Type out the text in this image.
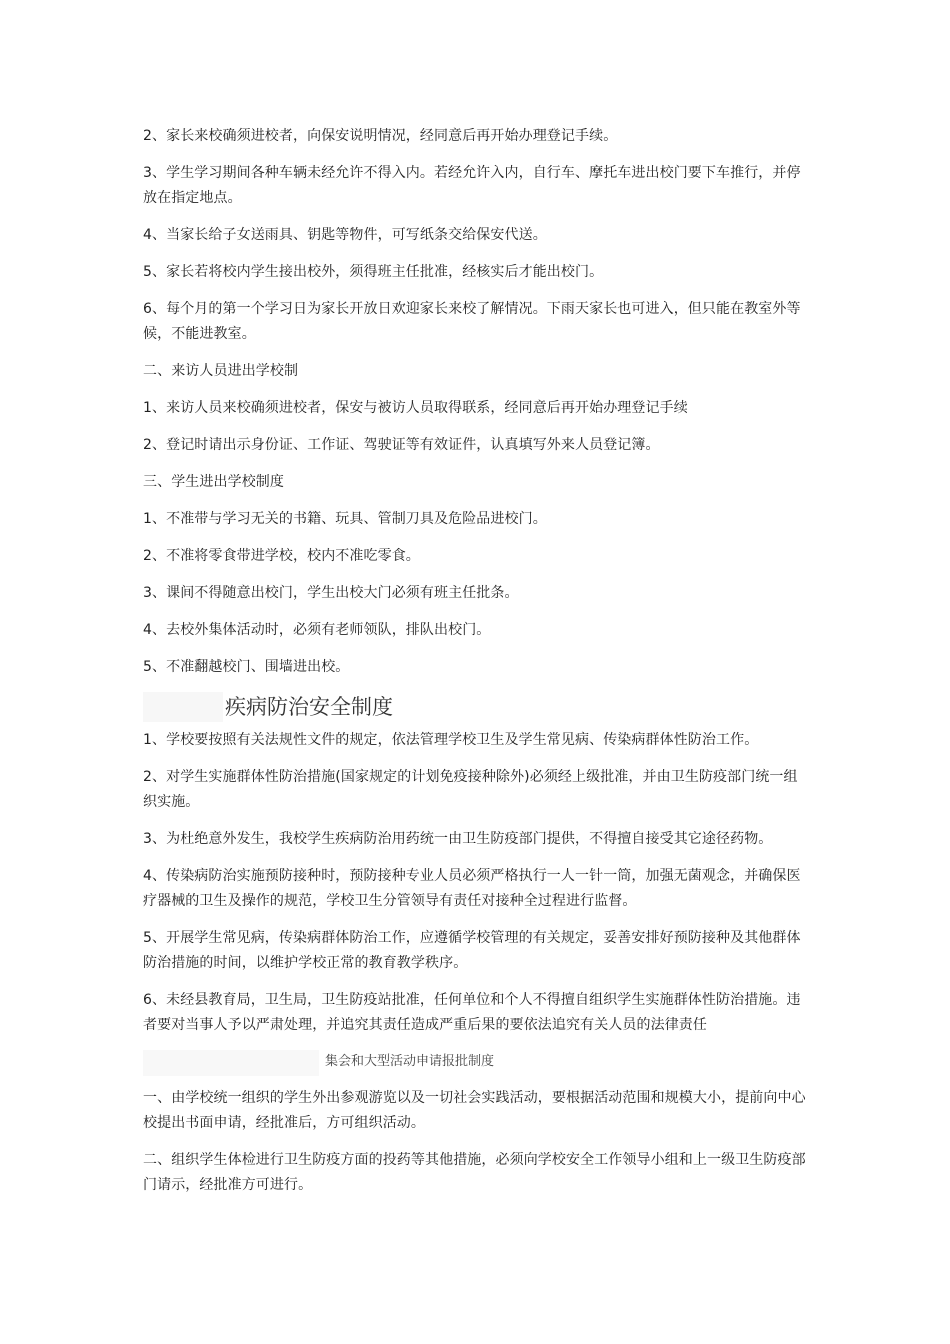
2、家长来校确须进校者，向保安说明情况，经同意后再开始办理登记手续。

3、学生学习期间各种车辆未经允许不得入内。若经允许入内，自行车、摩托车进出校门要下车推行，并停放在指定地点。

4、当家长给子女送雨具、钥匙等物件，可写纸条交给保安代送。

5、家长若将校内学生接出校外，须得班主任批准，经核实后才能出校门。

6、每个月的第一个学习日为家长开放日欢迎家长来校了解情况。下雨天家长也可进入，但只能在教室外等候，不能进教室。

二、来访人员进出学校制

1、来访人员来校确须进校者，保安与被访人员取得联系，经同意后再开始办理登记手续

2、登记时请出示身份证、工作证、驾驶证等有效证件，认真填写外来人员登记簿。

三、学生进出学校制度

1、不准带与学习无关的书籍、玩具、管制刀具及危险品进校门。

2、不准将零食带进学校，校内不准吃零食。

3、课间不得随意出校门，学生出校大门必须有班主任批条。

4、去校外集体活动时，必须有老师领队，排队出校门。

5、不准翻越校门、围墙进出校。

疾病防治安全制度

1、学校要按照有关法规性文件的规定，依法管理学校卫生及学生常见病、传染病群体性防治工作。

2、对学生实施群体性防治措施(国家规定的计划免疫接种除外)必须经上级批准，并由卫生防疫部门统一组织实施。

3、为杜绝意外发生，我校学生疾病防治用药统一由卫生防疫部门提供，不得擅自接受其它途径药物。

4、传染病防治实施预防接种时，预防接种专业人员必须严格执行一人一针一筒，加强无菌观念，并确保医疗器械的卫生及操作的规范，学校卫生分管领导有责任对接种全过程进行监督。

5、开展学生常见病，传染病群体防治工作，应遵循学校管理的有关规定，妥善安排好预防接种及其他群体防治措施的时间，以维护学校正常的教育教学秩序。

6、未经县教育局，卫生局，卫生防疫站批准，任何单位和个人不得擅自组织学生实施群体性防治措施。违者要对当事人予以严肃处理，并追究其责任造成严重后果的要依法追究有关人员的法律责任

集会和大型活动申请报批制度

一、由学校统一组织的学生外出参观游览以及一切社会实践活动，要根据活动范围和规模大小，提前向中心校提出书面申请，经批准后，方可组织活动。

二、组织学生体检进行卫生防疫方面的投药等其他措施，必须向学校安全工作领导小组和上一级卫生防疫部门请示，经批准方可进行。
